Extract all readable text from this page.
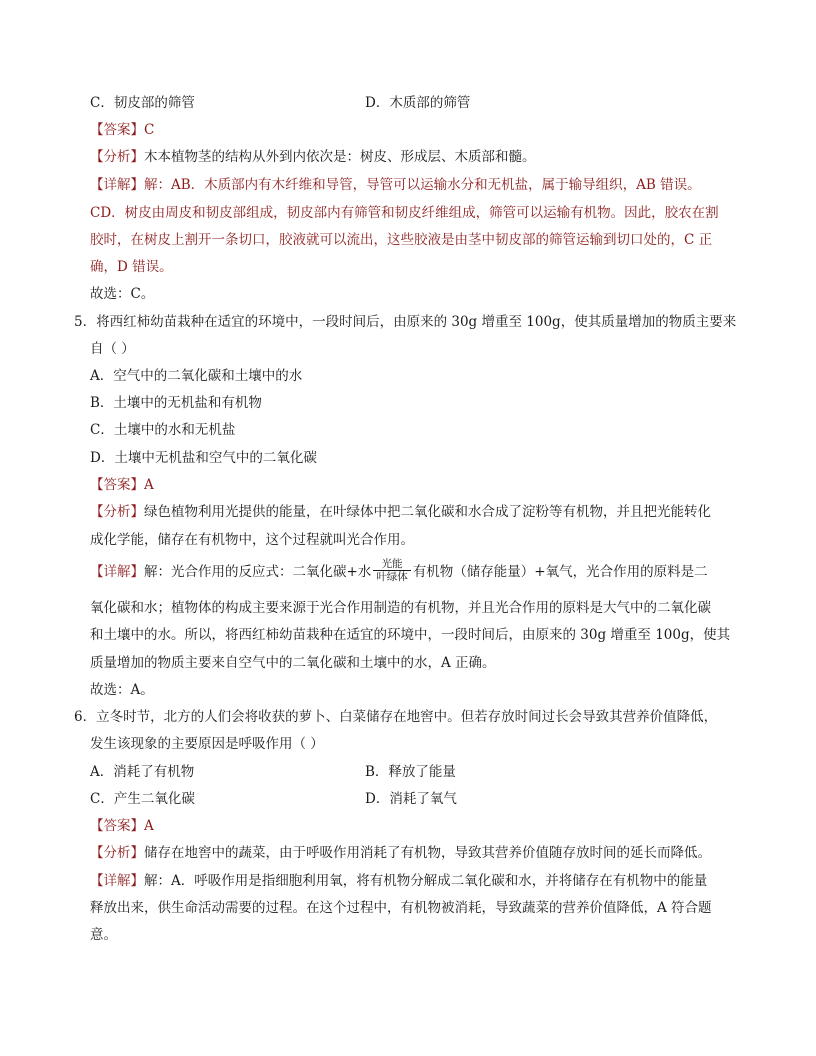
C．韧皮部的筛管	D．木质部的筛管
【答案】C
【分析】木本植物茎的结构从外到内依次是：树皮、形成层、木质部和髓。
【详解】解：AB．木质部内有木纤维和导管，导管可以运输水分和无机盐，属于输导组织，AB 错误。
CD．树皮由周皮和韧皮部组成，韧皮部内有筛管和韧皮纤维组成，筛管可以运输有机物。因此，胶农在割
胶时，在树皮上割开一条切口，胶液就可以流出，这些胶液是由茎中韧皮部的筛管运输到切口处的，C 正
确，D 错误。
故选：C。
5．将西红柿幼苗栽种在适宜的环境中，一段时间后，由原来的 30g 增重至 100g，使其质量增加的物质主要来
自（ ）
A．空气中的二氧化碳和土壤中的水
B．土壤中的无机盐和有机物
C．土壤中的水和无机盐
D．土壤中无机盐和空气中的二氧化碳
【答案】A
【分析】绿色植物利用光提供的能量，在叶绿体中把二氧化碳和水合成了淀粉等有机物，并且把光能转化
成化学能，储存在有机物中，这个过程就叫光合作用。
【详解】解：光合作用的反应式：二氧化碳+水 $\frac{\text{光能}}{\text{叶绿体}}$ 有机物（储存能量）+氧气，光合作用的原料是二
氧化碳和水；植物体的构成主要来源于光合作用制造的有机物，并且光合作用的原料是大气中的二氧化碳
和土壤中的水。所以，将西红柿幼苗栽种在适宜的环境中，一段时间后，由原来的 30g 增重至 100g，使其
质量增加的物质主要来自空气中的二氧化碳和土壤中的水，A 正确。
故选：A。
6．立冬时节，北方的人们会将收获的萝卜、白菜储存在地窖中。但若存放时间过长会导致其营养价值降低，
发生该现象的主要原因是呼吸作用（ ）
A．消耗了有机物	B．释放了能量
C．产生二氧化碳	D．消耗了氧气
【答案】A
【分析】储存在地窖中的蔬菜，由于呼吸作用消耗了有机物，导致其营养价值随存放时间的延长而降低。
【详解】解：A．呼吸作用是指细胞利用氧，将有机物分解成二氧化碳和水，并将储存在有机物中的能量
释放出来，供生命活动需要的过程。在这个过程中，有机物被消耗，导致蔬菜的营养价值降低，A 符合题
意。
